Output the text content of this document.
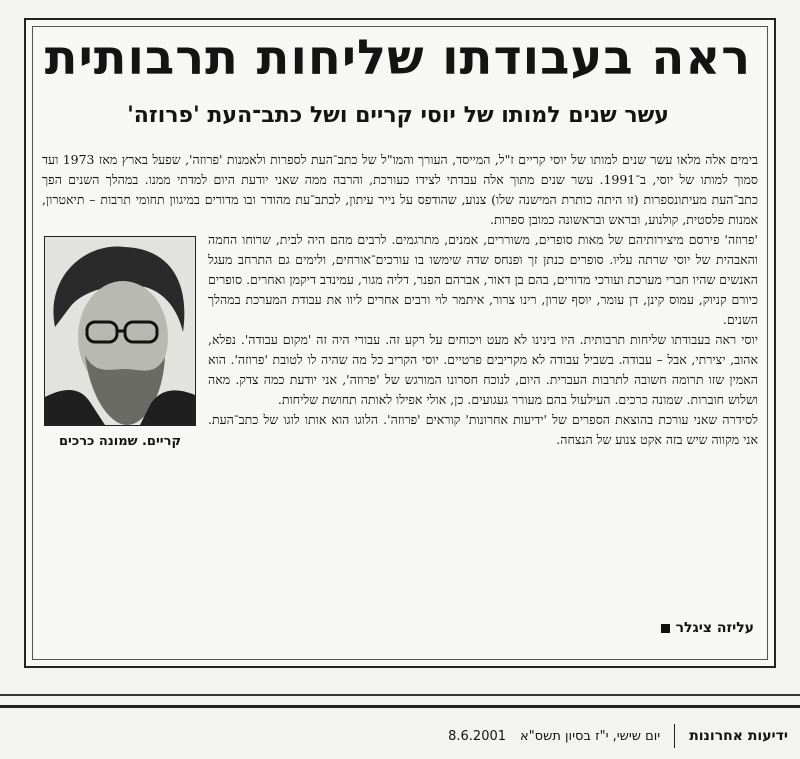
ראה בעבודתו שליחות תרבותית
עשר שנים למותו של יוסי קריים ושל כתב־העת 'פרוזה'

בימים אלה מלאו עשר שנים למותו של יוסי קריים ז"ל, המייסד, העורך והמו"ל של כתב־העת לספרות ולאמנות 'פרוזה', שפעל בארץ מאז 1973 ועד סמוך למותו של יוסי, ב־1991. עשר שנים מתוך אלה עבדתי לצידו כעורכת, והרבה ממה שאני יודעת היום למדתי ממנו. במהלך השנים הפך כתב־העת מעיתונספרות (זו היתה כותרת המישנה שלו) צנוע, שהודפס על נייר עיתון, לכתב־עת מהודר ובו מדורים במיגוון תחומי תרבות – תיאטרון, אמנות פלסטית, קולנוע, ובראש ובראשונה כמובן ספרות.

קריים. שמונה כרכים

'פרוזה' פירסם מיצירותיהם של מאות סופרים, משוררים, אמנים, מתרגמים. לרבים מהם היה לבית, שרוחו החמה והאבהית של יוסי שרתה עליו. סופרים כנתן זך ופנחס שדה שימשו בו עורכים־אורחים, ולימים גם התרחב מעגל האנשים שהיו חברי מערכת ועורכי מדורים, בהם בן דאור, אברהם הפנר, דליה מגור, עמינדב דיקמן ואחרים. סופרים כיורם קניוק, עמוס קינן, דן עומר, יוסף שרון, רינו צרור, איתמר לוי ורבים אחרים ליוו את עבודת המערכת במהלך השנים.

יוסי ראה בעבודתו שליחות תרבותית. היו בינינו לא מעט ויכוחים על רקע זה. עבורי היה זה 'מקום עבודה'. נפלא, אהוב, יצירתי, אבל – עבודה. בשביל עבודה לא מקריבים פרטיים. יוסי הקריב כל מה שהיה לו לטובת 'פרוזה'. הוא האמין שזו תרומה חשובה לתרבות העברית. היום, לנוכח חסרונו המורגש של 'פרוזה', אני יודעת כמה צדק. מאה ושלוש חוברות. שמונה כרכים. העילעול בהם מעורר געגועים. כן, אולי אפילו לאותה תחושת שליחות.

לסידרה שאני עורכת בהוצאת הספרים של 'ידיעות אחרונות' קוראים 'פרוזה'. הלוגו הוא אותו לוגו של כתב־העת. אני מקווה שיש בזה אקט צנוע של הנצחה.

עליזה ציגלר
ידיעות אחרונות
יום שישי, י"ז בסיון תשס"א
8.6.2001
